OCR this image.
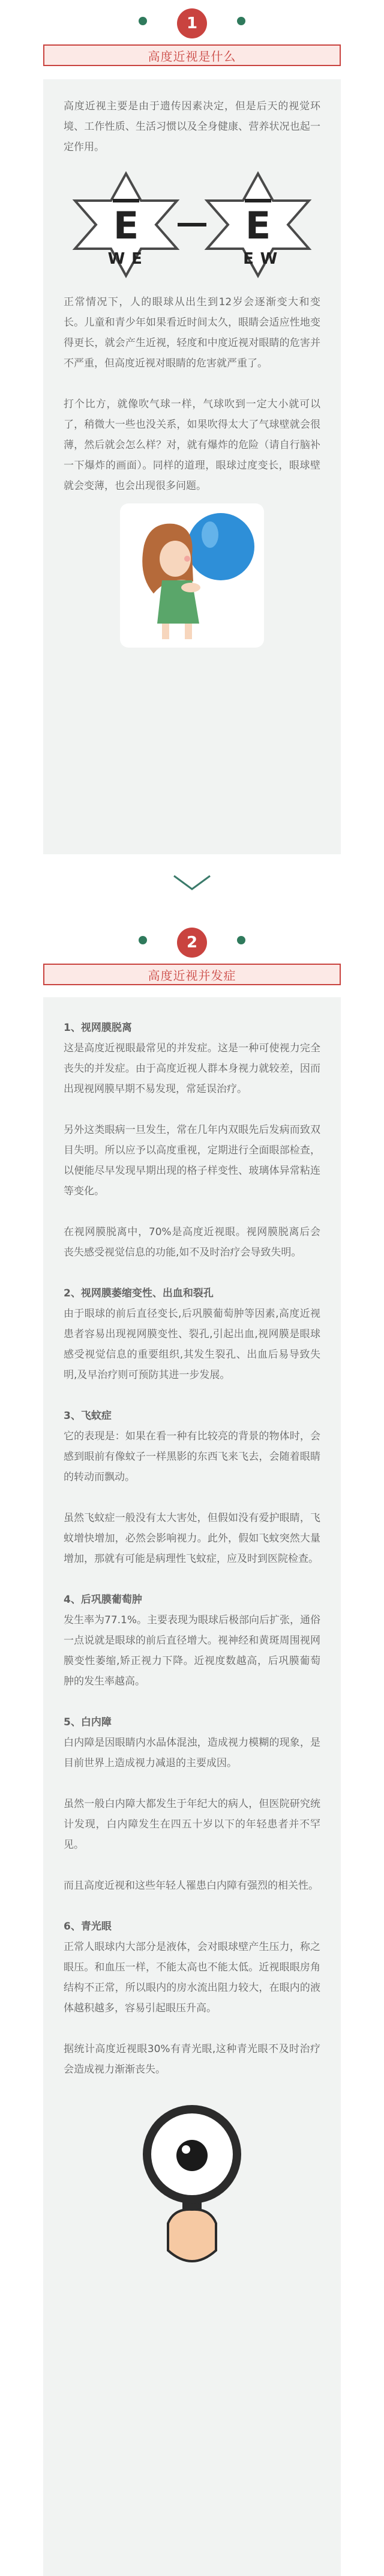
1
高度近视是什么

高度近视主要是由于遗传因素决定，但是后天的视觉环境、工作性质、生活习惯以及全身健康、营养状况也起一定作用。

E
W E
E
E W

正常情况下，人的眼球从出生到12岁会逐渐变大和变长。儿童和青少年如果看近时间太久，眼睛会适应性地变得更长，就会产生近视，轻度和中度近视对眼睛的危害并不严重，但高度近视对眼睛的危害就严重了。

打个比方，就像吹气球一样，气球吹到一定大小就可以了，稍微大一些也没关系，如果吹得太大了气球壁就会很薄，然后就会怎么样？对，就有爆炸的危险（请自行脑补一下爆炸的画面）。同样的道理，眼球过度变长，眼球壁就会变薄，也会出现很多问题。

2
高度近视并发症

1、视网膜脱离

这是高度近视眼最常见的并发症。这是一种可使视力完全丧失的并发症。由于高度近视人群本身视力就较差，因而出现视网膜早期不易发现，常延误治疗。

另外这类眼病一旦发生，常在几年内双眼先后发病而致双目失明。所以应予以高度重视，定期进行全面眼部检查，以便能尽早发现早期出现的格子样变性、玻璃体异常粘连等变化。

在视网膜脱离中，70%是高度近视眼。视网膜脱离后会丧失感受视觉信息的功能,如不及时治疗会导致失明。

2、视网膜萎缩变性、出血和裂孔

由于眼球的前后直径变长,后巩膜葡萄肿等因素,高度近视患者容易出现视网膜变性、裂孔,引起出血,视网膜是眼球感受视觉信息的重要组织,其发生裂孔、出血后易导致失明,及早治疗则可预防其进一步发展。

3、飞蚊症

它的表现是：如果在看一种有比较亮的背景的物体时，会感到眼前有像蚊子一样黑影的东西飞来飞去，会随着眼睛的转动而飘动。

虽然飞蚊症一般没有太大害处，但假如没有爱护眼睛，飞蚊增快增加，必然会影响视力。此外，假如飞蚊突然大量增加，那就有可能是病理性飞蚊症，应及时到医院检查。

4、后巩膜葡萄肿

发生率为77.1%。主要表现为眼球后极部向后扩张，通俗一点说就是眼球的前后直径增大。视神经和黄斑周围视网膜变性萎缩,矫正视力下降。近视度数越高，后巩膜葡萄肿的发生率越高。

5、白内障

白内障是因眼睛内水晶体混浊，造成视力模糊的现象，是目前世界上造成视力减退的主要成因。

虽然一般白内障大都发生于年纪大的病人，但医院研究统计发现，白内障发生在四五十岁以下的年轻患者并不罕见。

而且高度近视和这些年轻人罹患白内障有强烈的相关性。

6、青光眼

正常人眼球内大部分是液体，会对眼球壁产生压力，称之眼压。和血压一样，不能太高也不能太低。近视眼眼房角结构不正常，所以眼内的房水流出阻力较大，在眼内的液体越积越多，容易引起眼压升高。

据统计高度近视眼30%有青光眼,这种青光眼不及时治疗会造成视力渐渐丧失。
